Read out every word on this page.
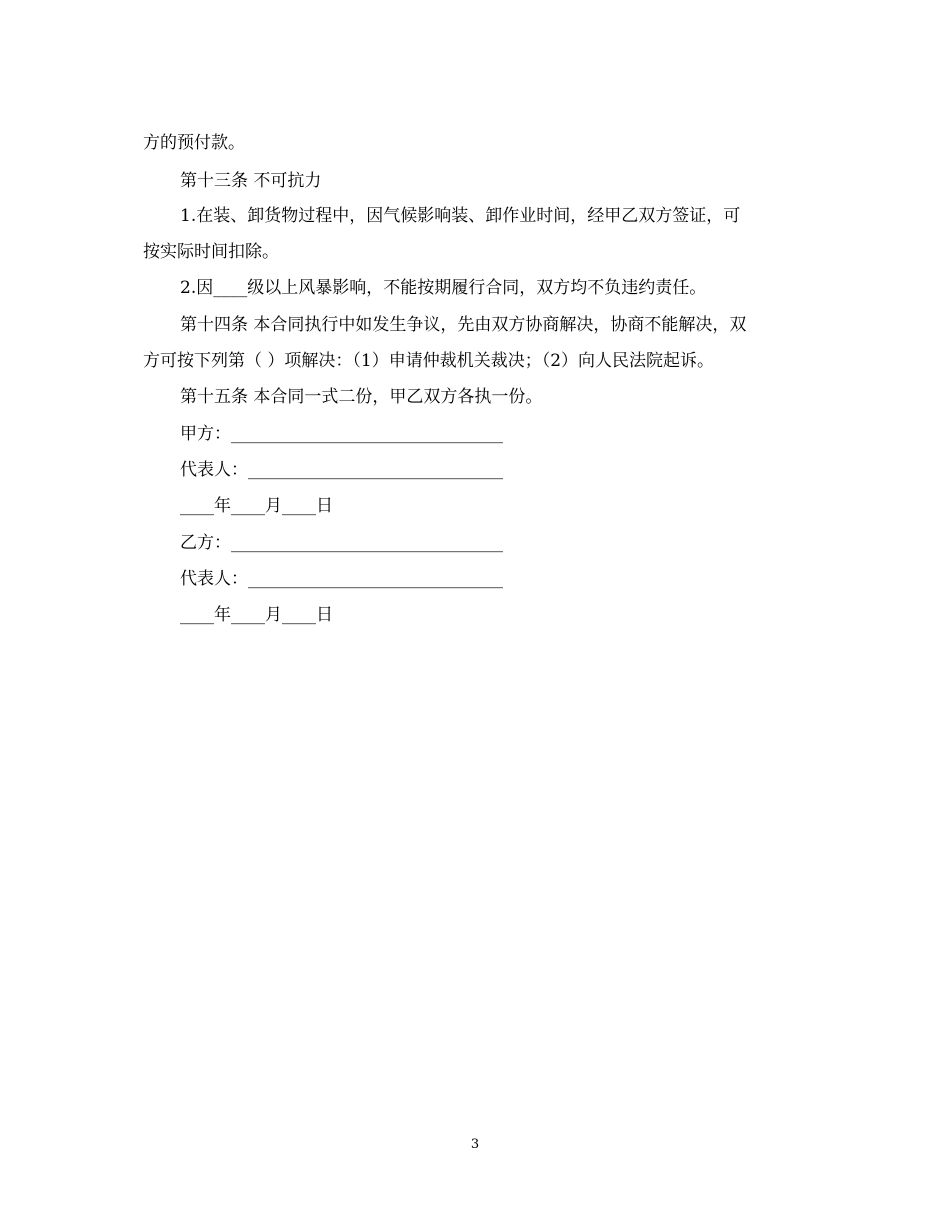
方的预付款。
第十三条 不可抗力
1.在装、卸货物过程中，因气候影响装、卸作业时间，经甲乙双方签证，可
按实际时间扣除。
2.因____级以上风暴影响，不能按期履行合同，双方均不负违约责任。
第十四条 本合同执行中如发生争议，先由双方协商解决，协商不能解决，双
方可按下列第（ ）项解决：（1）申请仲裁机关裁决；（2）向人民法院起诉。
第十五条 本合同一式二份，甲乙双方各执一份。
甲方：________________________________
代表人：______________________________
____年____月____日
乙方：________________________________
代表人：______________________________
____年____月____日
3
